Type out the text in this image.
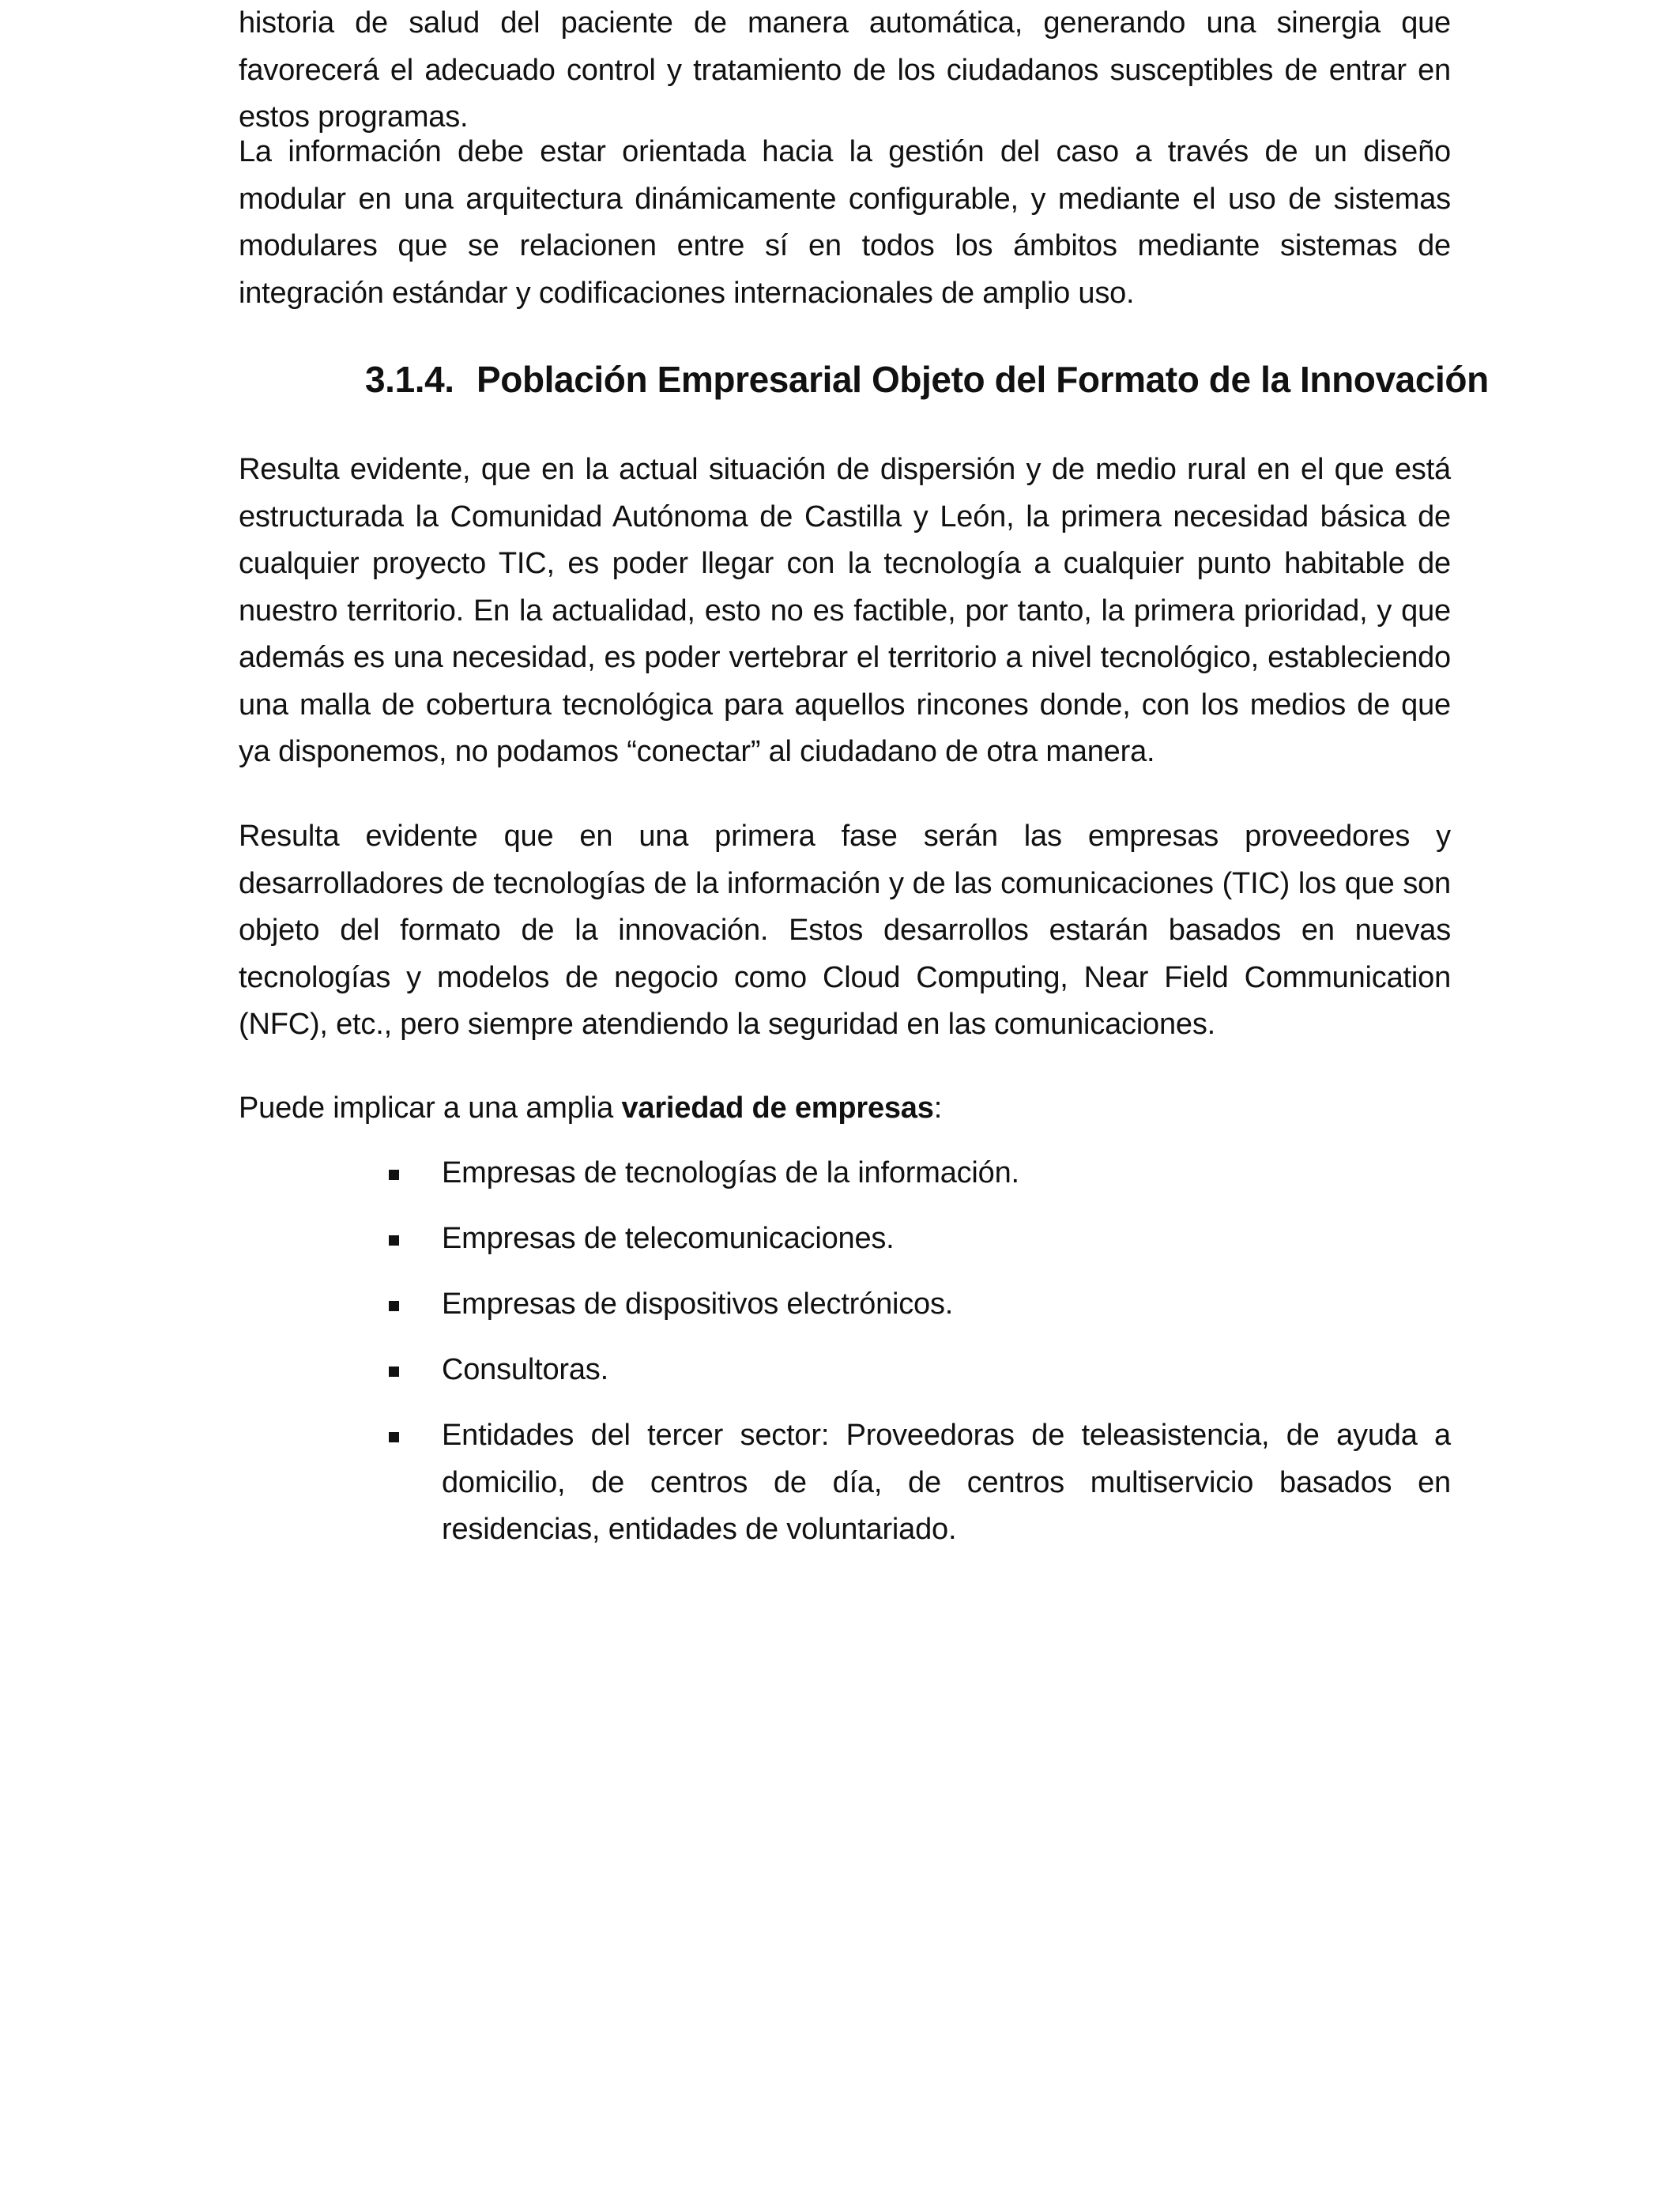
historia de salud del paciente de manera automática, generando una sinergia que favorecerá el adecuado control y tratamiento de los ciudadanos susceptibles de entrar en estos programas.

La información debe estar orientada hacia la gestión del caso a través de un diseño modular en una arquitectura dinámicamente configurable, y mediante el uso de sistemas modulares que se relacionen entre sí en todos los ámbitos mediante sistemas de integración estándar y codificaciones internacionales de amplio uso.

3.1.4. Población Empresarial Objeto del Formato de la Innovación

Resulta evidente, que en la actual situación de dispersión y de medio rural en el que está estructurada la Comunidad Autónoma de Castilla y León, la primera necesidad básica de cualquier proyecto TIC, es poder llegar con la tecnología a cualquier punto habitable de nuestro territorio. En la actualidad, esto no es factible, por tanto, la primera prioridad, y que además es una necesidad, es poder vertebrar el territorio a nivel tecnológico, estableciendo una malla de cobertura tecnológica para aquellos rincones donde, con los medios de que ya disponemos, no podamos “conectar” al ciudadano de otra manera.

Resulta evidente que en una primera fase serán las empresas proveedores y desarrolladores de tecnologías de la información y de las comunicaciones (TIC) los que son objeto del formato de la innovación. Estos desarrollos estarán basados en nuevas tecnologías y modelos de negocio como Cloud Computing, Near Field Communication (NFC), etc., pero siempre atendiendo la seguridad en las comunicaciones.

Puede implicar a una amplia variedad de empresas:

Empresas de tecnologías de la información.
Empresas de telecomunicaciones.
Empresas de dispositivos electrónicos.
Consultoras.
Entidades del tercer sector: Proveedoras de teleasistencia, de ayuda a domicilio, de centros de día, de centros multiservicio basados en residencias, entidades de voluntariado.
